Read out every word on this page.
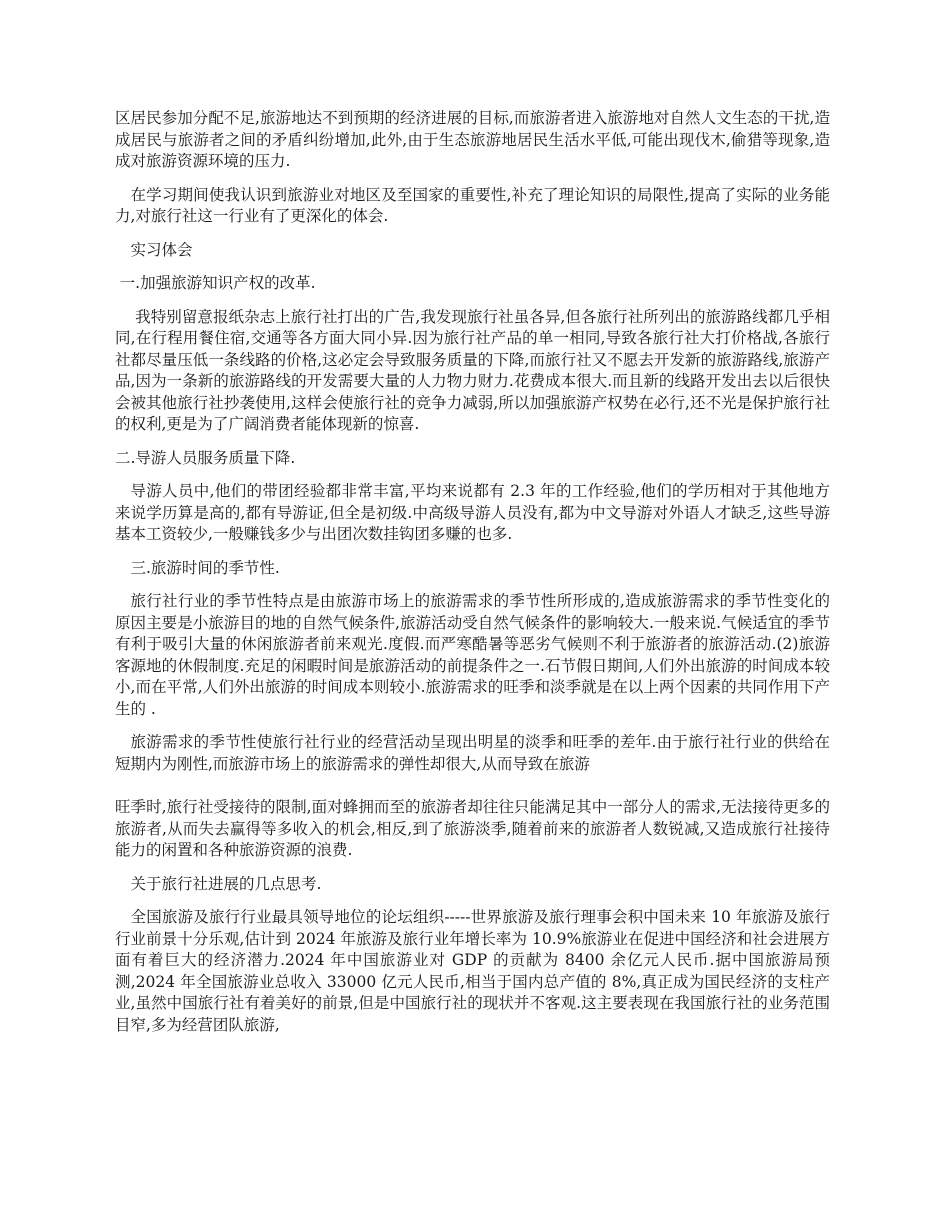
区居民参加分配不足,旅游地达不到预期的经济进展的目标,而旅游者进入旅游地对自然人文生态的干扰,造成居民与旅游者之间的矛盾纠纷增加,此外,由于生态旅游地居民生活水平低,可能出现伐木,偷猎等现象,造成对旅游资源环境的压力.

在学习期间使我认识到旅游业对地区及至国家的重要性,补充了理论知识的局限性,提高了实际的业务能力,对旅行社这一行业有了更深化的体会.

实习体会

一.加强旅游知识产权的改革.

我特别留意报纸杂志上旅行社打出的广告,我发现旅行社虽各异,但各旅行社所列出的旅游路线都几乎相同,在行程用餐住宿,交通等各方面大同小异.因为旅行社产品的单一相同,导致各旅行社大打价格战,各旅行社都尽量压低一条线路的价格,这必定会导致服务质量的下降,而旅行社又不愿去开发新的旅游路线,旅游产品,因为一条新的旅游路线的开发需要大量的人力物力财力.花费成本很大.而且新的线路开发出去以后很快会被其他旅行社抄袭使用,这样会使旅行社的竞争力减弱,所以加强旅游产权势在必行,还不光是保护旅行社的权利,更是为了广阔消费者能体现新的惊喜.

二.导游人员服务质量下降.

导游人员中,他们的带团经验都非常丰富,平均来说都有 2.3 年的工作经验,他们的学历相对于其他地方来说学历算是高的,都有导游证,但全是初级.中高级导游人员没有,都为中文导游对外语人才缺乏,这些导游基本工资较少,一般赚钱多少与出团次数挂钩团多赚的也多.

三.旅游时间的季节性.

旅行社行业的季节性特点是由旅游市场上的旅游需求的季节性所形成的,造成旅游需求的季节性变化的原因主要是小旅游目的地的自然气候条件,旅游活动受自然气候条件的影响较大.一般来说.气候适宜的季节有利于吸引大量的休闲旅游者前来观光.度假.而严寒酷暑等恶劣气候则不利于旅游者的旅游活动.(2)旅游客源地的休假制度.充足的闲暇时间是旅游活动的前提条件之一.石节假日期间,人们外出旅游的时间成本较小,而在平常,人们外出旅游的时间成本则较小.旅游需求的旺季和淡季就是在以上两个因素的共同作用下产生的 .

旅游需求的季节性使旅行社行业的经营活动呈现出明星的淡季和旺季的差年.由于旅行社行业的供给在短期内为刚性,而旅游市场上的旅游需求的弹性却很大,从而导致在旅游

旺季时,旅行社受接待的限制,面对蜂拥而至的旅游者却往往只能满足其中一部分人的需求,无法接待更多的旅游者,从而失去赢得等多收入的机会,相反,到了旅游淡季,随着前来的旅游者人数锐减,又造成旅行社接待能力的闲置和各种旅游资源的浪费.

关于旅行社进展的几点思考.

全国旅游及旅行行业最具领导地位的论坛组织-----世界旅游及旅行理事会积中国未来 10 年旅游及旅行行业前景十分乐观,估计到 2024 年旅游及旅行业年增长率为 10.9%旅游业在促进中国经济和社会进展方面有着巨大的经济潜力.2024 年中国旅游业对 GDP 的贡献为 8400 余亿元人民币.据中国旅游局预测,2024 年全国旅游业总收入 33000 亿元人民币,相当于国内总产值的 8%,真正成为国民经济的支柱产业,虽然中国旅行社有着美好的前景,但是中国旅行社的现状并不客观.这主要表现在我国旅行社的业务范围目窄,多为经营团队旅游,
